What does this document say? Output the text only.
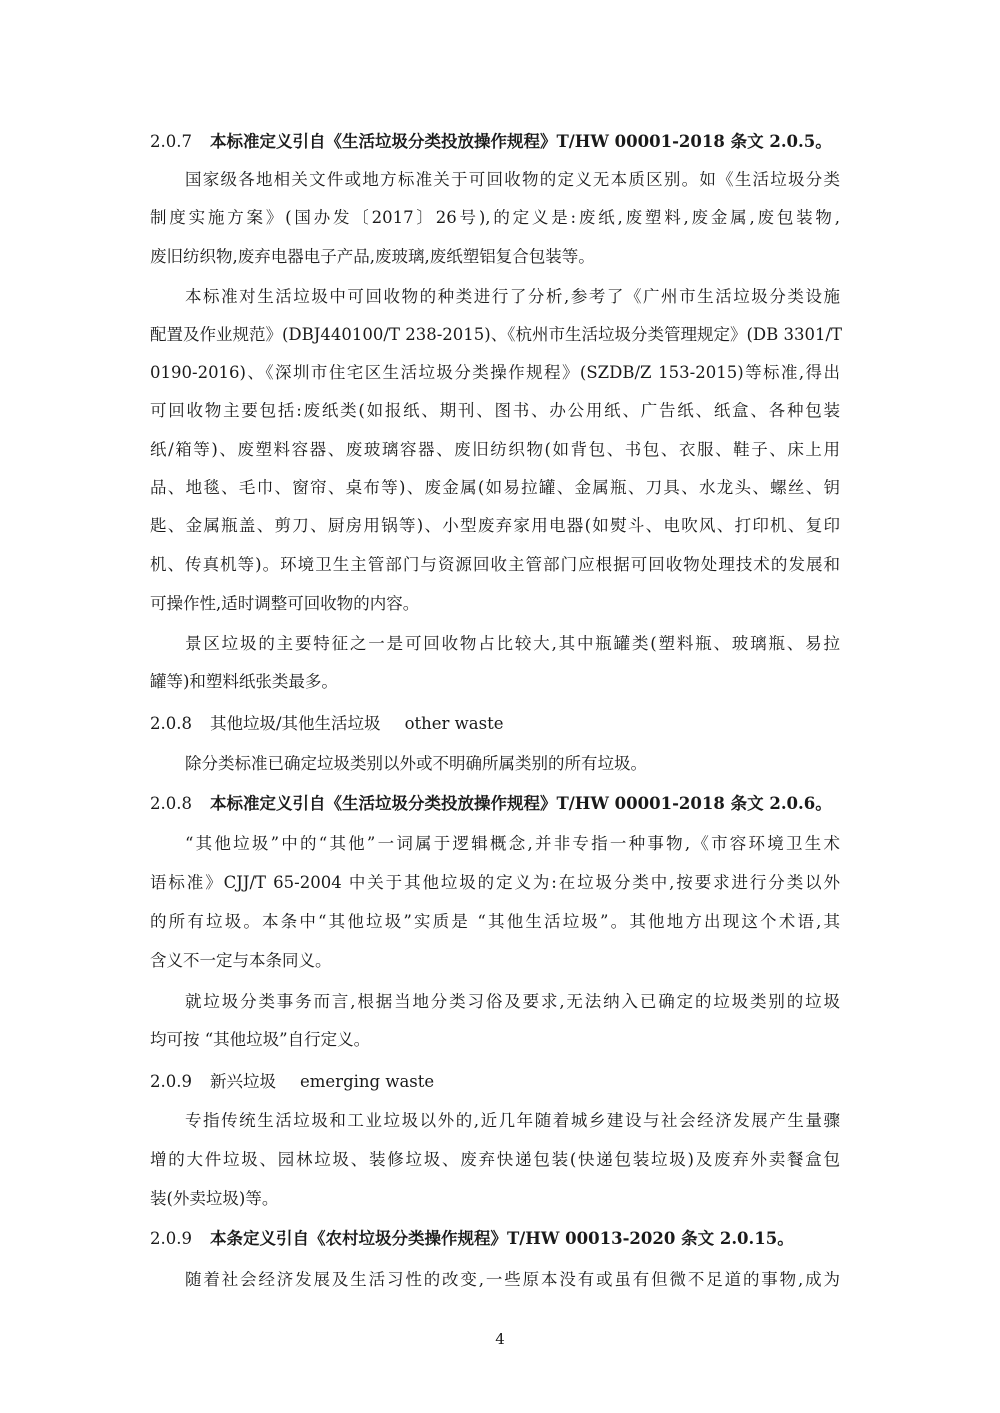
2.0.7 本标准定义引自《生活垃圾分类投放操作规程》T/HW 00001-2018 条文 2.0.5。
国家级各地相关文件或地方标准关于可回收物的定义无本质区别。如《生活垃圾分类
制度实施方案》(国办发〔2017〕26号),的定义是:废纸,废塑料,废金属,废包装物,
废旧纺织物,废弃电器电子产品,废玻璃,废纸塑铝复合包装等。
本标准对生活垃圾中可回收物的种类进行了分析,参考了《广州市生活垃圾分类设施
配置及作业规范》(DBJ440100/T 238-2015)、《杭州市生活垃圾分类管理规定》(DB 3301/T
0190-2016)、《深圳市住宅区生活垃圾分类操作规程》(SZDB/Z 153-2015)等标准,得出
可回收物主要包括:废纸类(如报纸、期刊、图书、办公用纸、广告纸、纸盒、各种包装
纸/箱等)、废塑料容器、废玻璃容器、废旧纺织物(如背包、书包、衣服、鞋子、床上用
品、地毯、毛巾、窗帘、桌布等)、废金属(如易拉罐、金属瓶、刀具、水龙头、螺丝、钥
匙、金属瓶盖、剪刀、厨房用锅等)、小型废弃家用电器(如熨斗、电吹风、打印机、复印
机、传真机等)。环境卫生主管部门与资源回收主管部门应根据可回收物处理技术的发展和
可操作性,适时调整可回收物的内容。
景区垃圾的主要特征之一是可回收物占比较大,其中瓶罐类(塑料瓶、玻璃瓶、易拉
罐等)和塑料纸张类最多。
2.0.8 其他垃圾/其他生活垃圾 other waste
除分类标准已确定垃圾类别以外或不明确所属类别的所有垃圾。
2.0.8 本标准定义引自《生活垃圾分类投放操作规程》T/HW 00001-2018 条文 2.0.6。
“其他垃圾”中的“其他”一词属于逻辑概念,并非专指一种事物,《市容环境卫生术
语标准》CJJ/T 65-2004 中关于其他垃圾的定义为:在垃圾分类中,按要求进行分类以外
的所有垃圾。本条中“其他垃圾”实质是 “其他生活垃圾”。其他地方出现这个术语,其
含义不一定与本条同义。
就垃圾分类事务而言,根据当地分类习俗及要求,无法纳入已确定的垃圾类别的垃圾
均可按 “其他垃圾”自行定义。
2.0.9 新兴垃圾 emerging waste
专指传统生活垃圾和工业垃圾以外的,近几年随着城乡建设与社会经济发展产生量骤
增的大件垃圾、园林垃圾、装修垃圾、废弃快递包装(快递包装垃圾)及废弃外卖餐盒包
装(外卖垃圾)等。
2.0.9 本条定义引自《农村垃圾分类操作规程》T/HW 00013-2020 条文 2.0.15。
随着社会经济发展及生活习性的改变,一些原本没有或虽有但微不足道的事物,成为
4
